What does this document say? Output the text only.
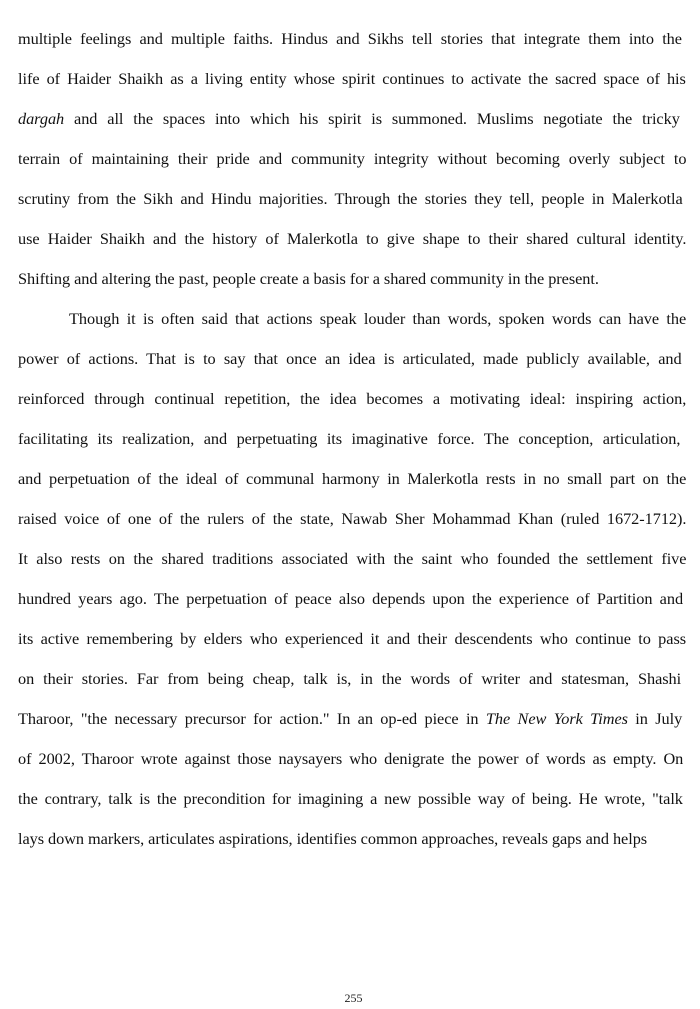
multiple feelings and multiple faiths. Hindus and Sikhs tell stories that integrate them into the
life of Haider Shaikh as a living entity whose spirit continues to activate the sacred space of his
dargah and all the spaces into which his spirit is summoned. Muslims negotiate the tricky
terrain of maintaining their pride and community integrity without becoming overly subject to
scrutiny from the Sikh and Hindu majorities. Through the stories they tell, people in Malerkotla
use Haider Shaikh and the history of Malerkotla to give shape to their shared cultural identity.
Shifting and altering the past, people create a basis for a shared community in the present.
Though it is often said that actions speak louder than words, spoken words can have the
power of actions. That is to say that once an idea is articulated, made publicly available, and
reinforced through continual repetition, the idea becomes a motivating ideal: inspiring action,
facilitating its realization, and perpetuating its imaginative force. The conception, articulation,
and perpetuation of the ideal of communal harmony in Malerkotla rests in no small part on the
raised voice of one of the rulers of the state, Nawab Sher Mohammad Khan (ruled 1672-1712).
It also rests on the shared traditions associated with the saint who founded the settlement five
hundred years ago. The perpetuation of peace also depends upon the experience of Partition and
its active remembering by elders who experienced it and their descendents who continue to pass
on their stories. Far from being cheap, talk is, in the words of writer and statesman, Shashi
Tharoor, "the necessary precursor for action." In an op-ed piece in The New York Times in July
of 2002, Tharoor wrote against those naysayers who denigrate the power of words as empty. On
the contrary, talk is the precondition for imagining a new possible way of being. He wrote, "talk
lays down markers, articulates aspirations, identifies common approaches, reveals gaps and helps
255
